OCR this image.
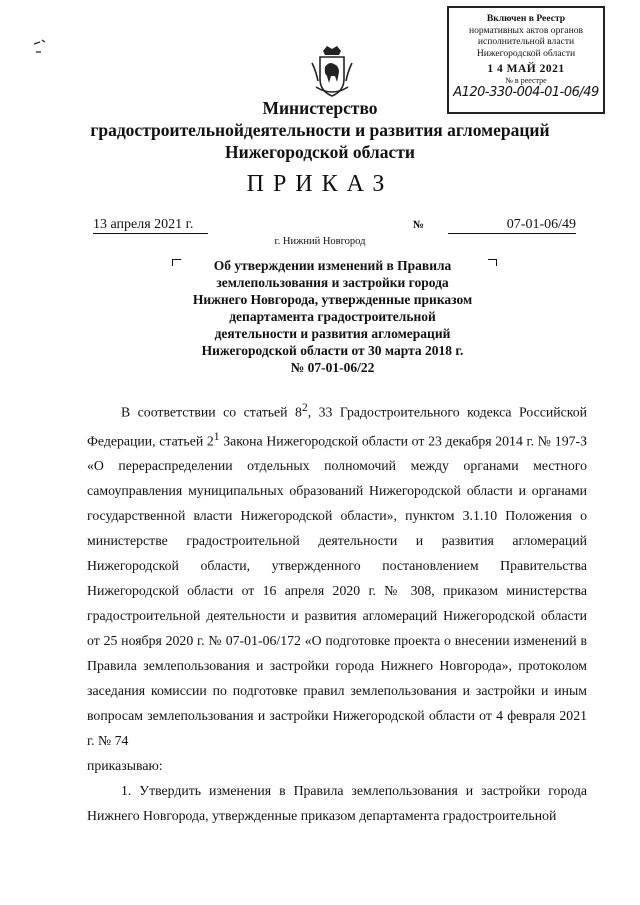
Включен в Реестр
нормативных актов органов
исполнительной власти
Нижегородской области
1 4 МАЙ 2021
№ в реестре
A120-330-004-01-06/49
Министерство
градостроительнойдеятельности и развития агломераций
Нижегородской области
ПРИКАЗ
13 апреля 2021 г.	№	07-01-06/49
г. Нижний Новгород
Об утверждении изменений в Правила
землепользования и застройки города
Нижнего Новгорода, утвержденные приказом
департамента градостроительной
деятельности и развития агломераций
Нижегородской области от 30 марта 2018 г.
№ 07-01-06/22

В соответствии со статьей $8^2$, 33 Градостроительного кодекса Российской Федерации, статьей $2^1$ Закона Нижегородской области от 23 декабря 2014 г. № 197-З «О перераспределении отдельных полномочий между органами местного самоуправления муниципальных образований Нижегородской области и органами государственной власти Нижегородской области», пунктом 3.1.10 Положения о министерстве градостроительной деятельности и развития агломераций Нижегородской области, утвержденного постановлением Правительства Нижегородской области от 16 апреля 2020 г. № 308, приказом министерства градостроительной деятельности и развития агломераций Нижегородской области от 25 ноября 2020 г. № 07-01-06/172 «О подготовке проекта о внесении изменений в Правила землепользования и застройки города Нижнего Новгорода», протоколом заседания комиссии по подготовке правил землепользования и застройки и иным вопросам землепользования и застройки Нижегородской области от 4 февраля 2021 г. № 74

приказываю:

1. Утвердить изменения в Правила землепользования и застройки города Нижнего Новгорода, утвержденные приказом департамента градостроительной
